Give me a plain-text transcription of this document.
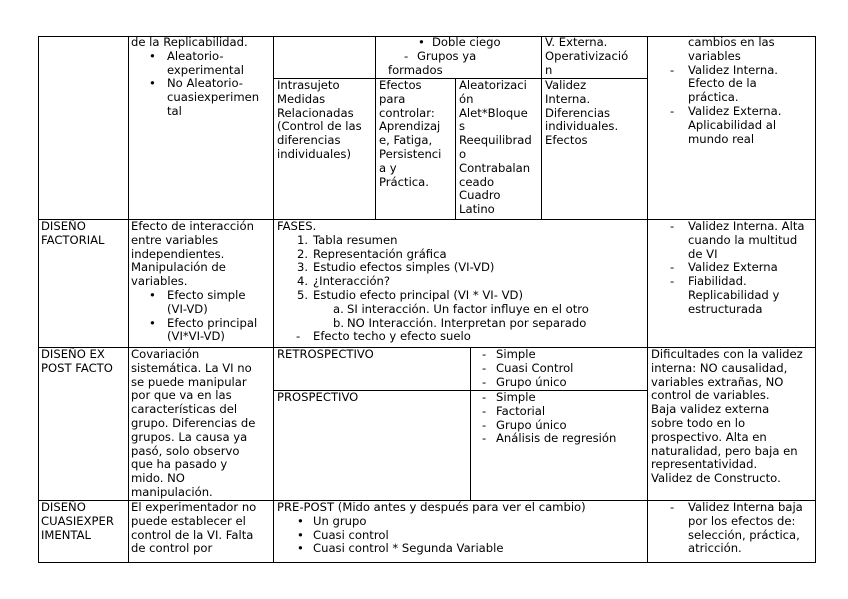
de la Replicabilidad.
• Aleatorio-
experimental
• No Aleatorio-
cuasiexperimen
tal
• Doble ciego
- Grupos ya
formados
V. Externa.
Operativizació
n
Intrasujeto
Medidas
Relacionadas
(Control de las
diferencias
individuales)
Efectos
para
controlar:
Aprendizaj
e, Fatiga,
Persistenci
a y
Práctica.
Aleatorizaci
ón
Alet*Bloque
s
Reequilibrad
o
Contrabalan
ceado
Cuadro
Latino
Validez
Interna.
Diferencias
individuales.
Efectos
cambios en las
variables
- Validez Interna.
Efecto de la
práctica.
- Validez Externa.
Aplicabilidad al
mundo real
DISEÑO
FACTORIAL
Efecto de interacción
entre variables
independientes.
Manipulación de
variables.
• Efecto simple
(VI-VD)
• Efecto principal
(VI*VI-VD)
FASES.
1. Tabla resumen
2. Representación gráfica
3. Estudio efectos simples (VI-VD)
4. ¿Interacción?
5. Estudio efecto principal (VI * VI- VD)
a. SI interacción. Un factor influye en el otro
b. NO Interacción. Interpretan por separado
- Efecto techo y efecto suelo
- Validez Interna. Alta
cuando la multitud
de VI
- Validez Externa
- Fiabilidad.
Replicabilidad y
estructurada
DISEÑO EX
POST FACTO
Covariación
sistemática. La VI no
se puede manipular
por que va en las
características del
grupo. Diferencias de
grupos. La causa ya
pasó, solo observo
que ha pasado y
mido. NO
manipulación.
RETROSPECTIVO	- Simple
- Cuasi Control
- Grupo único
PROSPECTIVO	- Simple
- Factorial
- Grupo único
- Análisis de regresión
Dificultades con la validez
interna: NO causalidad,
variables extrañas, NO
control de variables.
Baja validez externa
sobre todo en lo
prospectivo. Alta en
naturalidad, pero baja en
representatividad.
Validez de Constructo.
DISEÑO
CUASIEXPER
IMENTAL
El experimentador no
puede establecer el
control de la VI. Falta
de control por
PRE-POST (Mido antes y después para ver el cambio)
• Un grupo
• Cuasi control
• Cuasi control * Segunda Variable
- Validez Interna baja
por los efectos de:
selección, práctica,
atricción.
